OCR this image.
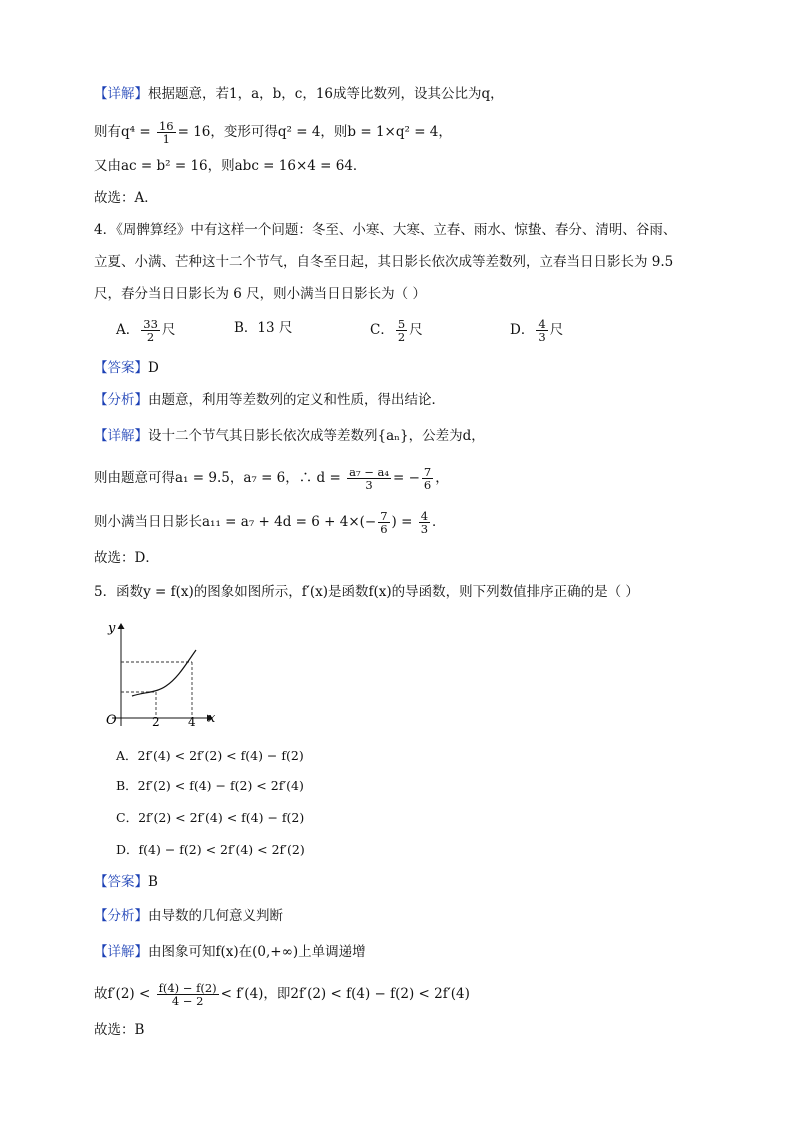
【详解】根据题意，若1，a，b，c，16成等比数列，设其公比为q，
则有$q^4 = \frac{16}{1} = 16$，变形可得q² = 4，则b = 1×q² = 4，
又由ac = b² = 16，则abc = 16×4 = 64．
故选：A．
4．《周髀算经》中有这样一个问题：冬至、小寒、大寒、立春、雨水、惊蛰、春分、清明、谷雨、
立夏、小满、芒种这十二个节气，自冬至日起，其日影长依次成等差数列，立春当日日影长为 9.5
尺，春分当日日影长为 6 尺，则小满当日日影长为（ ）
A． $\frac{33}{2}$ 尺	B．13 尺	C． $\frac{5}{2}$ 尺	D． $\frac{4}{3}$ 尺
【答案】D
【分析】由题意，利用等差数列的定义和性质，得出结论．
【详解】设十二个节气其日影长依次成等差数列{aₙ}，公差为d，
则由题意可得a₁ = 9.5，a₇ = 6，∴ $d = \frac{\text{a₇ − a₄}}{3}$ = − $\frac{7}{6}$ ，
则小满当日日影长$a_{11} = a_7 + 4d = 6 + 4\times(- \frac{7}{6}$ ) = $\frac{4}{3}$ ．
故选：D．
5．函数y = f(x)的图象如图所示，f′(x)是函数f(x)的导函数，则下列数值排序正确的是（ ）
y
x
O	2 4
A．2f′(4) < 2f′(2) < f(4) − f(2)
B．2f′(2) < f(4) − f(2) < 2f′(4)
C．2f′(2) < 2f′(4) < f(4) − f(2)
D．f(4) − f(2) < 2f′(4) < 2f′(2)
【答案】B
【分析】由导数的几何意义判断
【详解】由图象可知f(x)在(0,+∞)上单调递增
故$f'(2) < \frac{f(4) - f(2)}{4 - 2} < f'(4)$，即2f′(2) < f(4) − f(2) < 2f′(4)
故选：B
